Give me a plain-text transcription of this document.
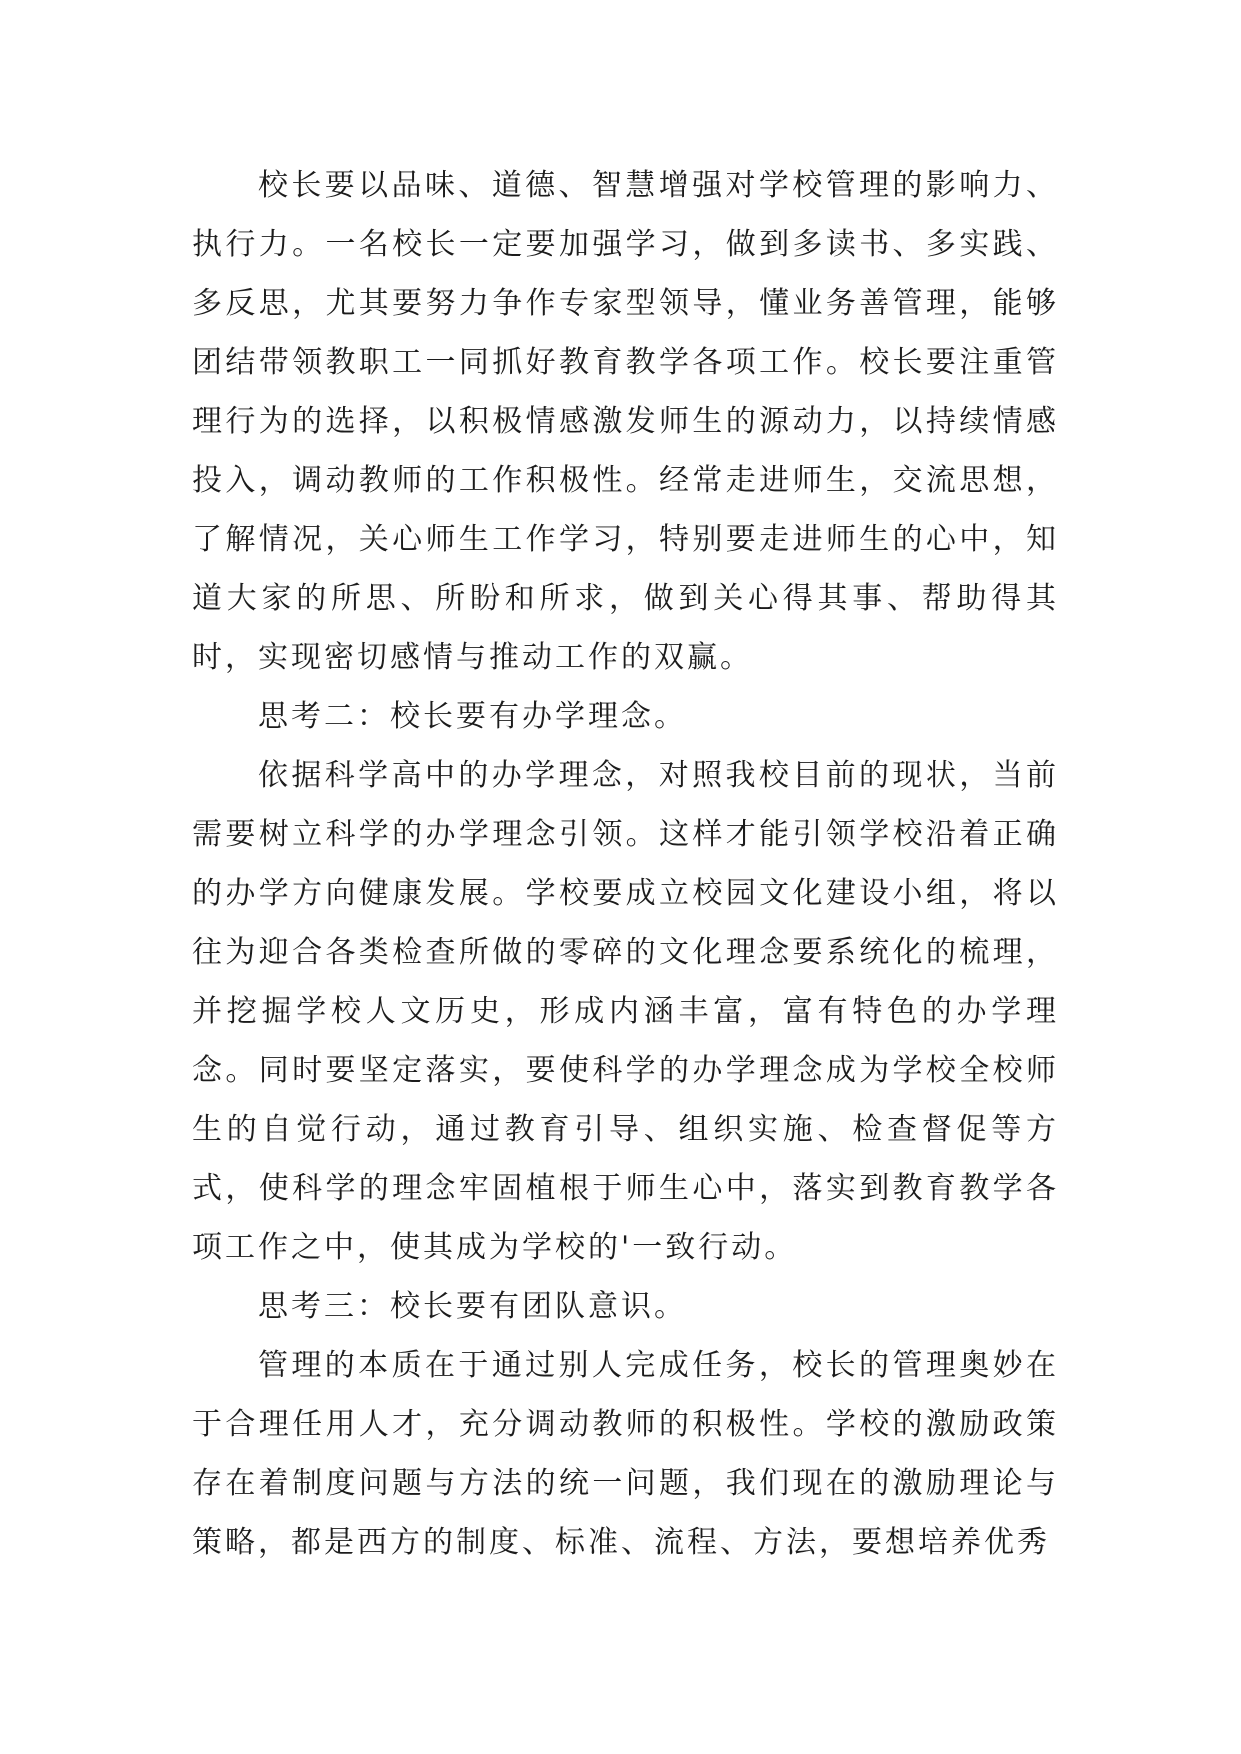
校长要以品味、道德、智慧增强对学校管理的影响力、执行力。一名校长一定要加强学习，做到多读书、多实践、多反思，尤其要努力争作专家型领导，懂业务善管理，能够团结带领教职工一同抓好教育教学各项工作。校长要注重管理行为的选择，以积极情感激发师生的源动力，以持续情感投入，调动教师的工作积极性。经常走进师生，交流思想，了解情况，关心师生工作学习，特别要走进师生的心中，知道大家的所思、所盼和所求，做到关心得其事、帮助得其时，实现密切感情与推动工作的双赢。

思考二：校长要有办学理念。

依据科学高中的办学理念，对照我校目前的现状，当前需要树立科学的办学理念引领。这样才能引领学校沿着正确的办学方向健康发展。学校要成立校园文化建设小组，将以往为迎合各类检查所做的零碎的文化理念要系统化的梳理，并挖掘学校人文历史，形成内涵丰富，富有特色的办学理念。同时要坚定落实，要使科学的办学理念成为学校全校师生的自觉行动，通过教育引导、组织实施、检查督促等方式，使科学的理念牢固植根于师生心中，落实到教育教学各项工作之中，使其成为学校的'一致行动。

思考三：校长要有团队意识。

管理的本质在于通过别人完成任务，校长的管理奥妙在于合理任用人才，充分调动教师的积极性。学校的激励政策存在着制度问题与方法的统一问题，我们现在的激励理论与策略，都是西方的制度、标准、流程、方法，要想培养优秀
